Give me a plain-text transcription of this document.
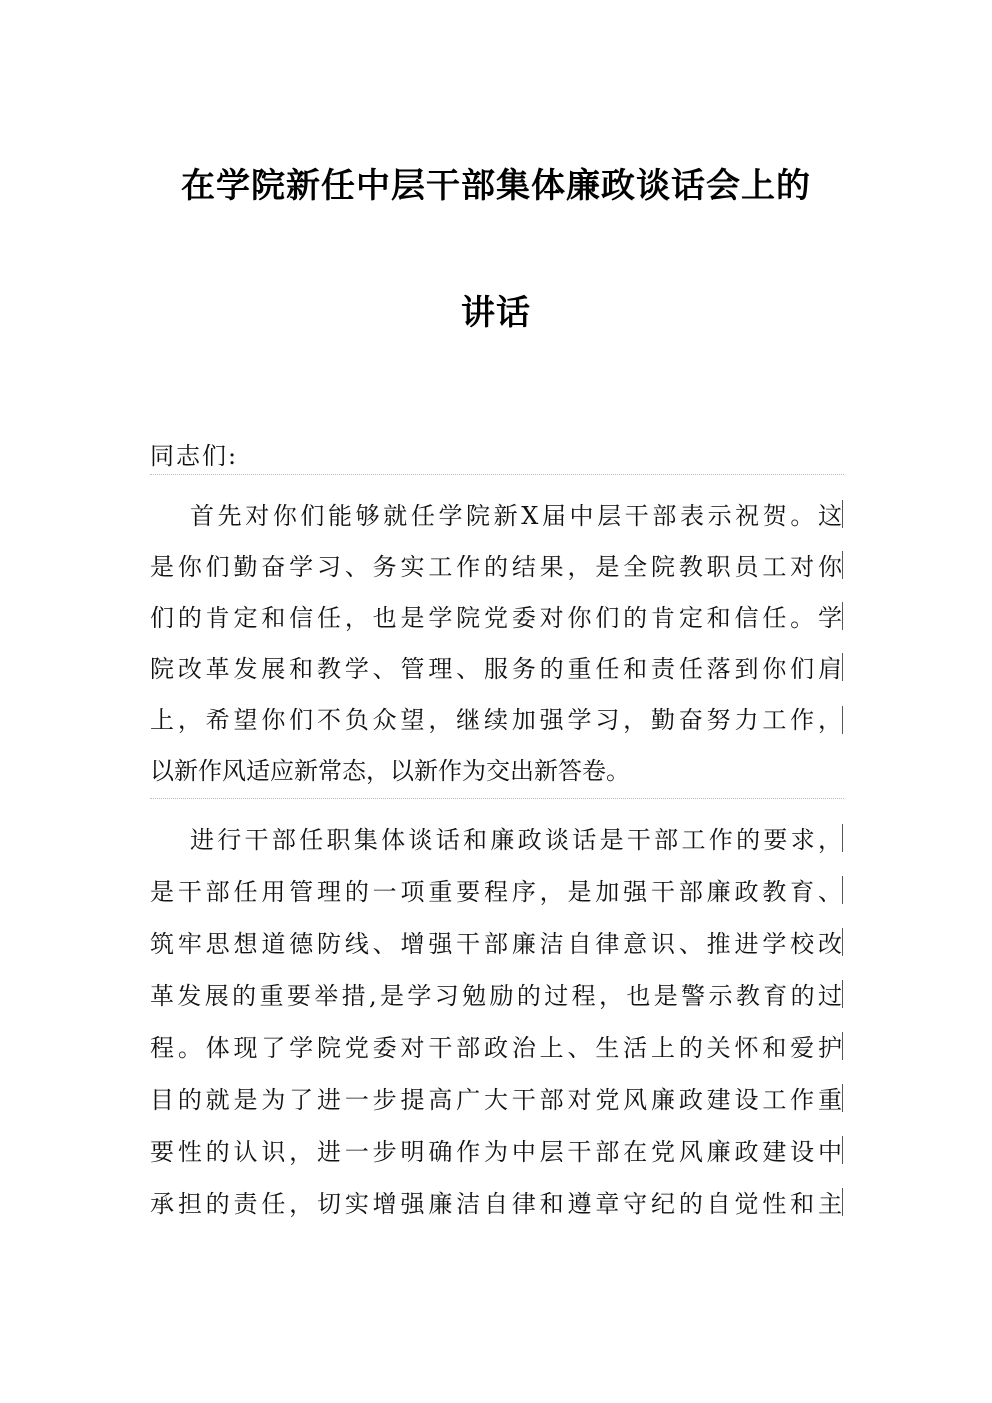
在学院新任中层干部集体廉政谈话会上的
讲话
同志们:
首先对你们能够就任学院新X届中层干部表示祝贺。这
是你们勤奋学习、务实工作的结果，是全院教职员工对你
们的肯定和信任，也是学院党委对你们的肯定和信任。学
院改革发展和教学、管理、服务的重任和责任落到你们肩
上，希望你们不负众望，继续加强学习，勤奋努力工作，
以新作风适应新常态，以新作为交出新答卷。
进行干部任职集体谈话和廉政谈话是干部工作的要求，
是干部任用管理的一项重要程序，是加强干部廉政教育、
筑牢思想道德防线、增强干部廉洁自律意识、推进学校改
革发展的重要举措,是学习勉励的过程，也是警示教育的过
程。体现了学院党委对干部政治上、生活上的关怀和爱护
目的就是为了进一步提高广大干部对党风廉政建设工作重
要性的认识，进一步明确作为中层干部在党风廉政建设中
承担的责任，切实增强廉洁自律和遵章守纪的自觉性和主
